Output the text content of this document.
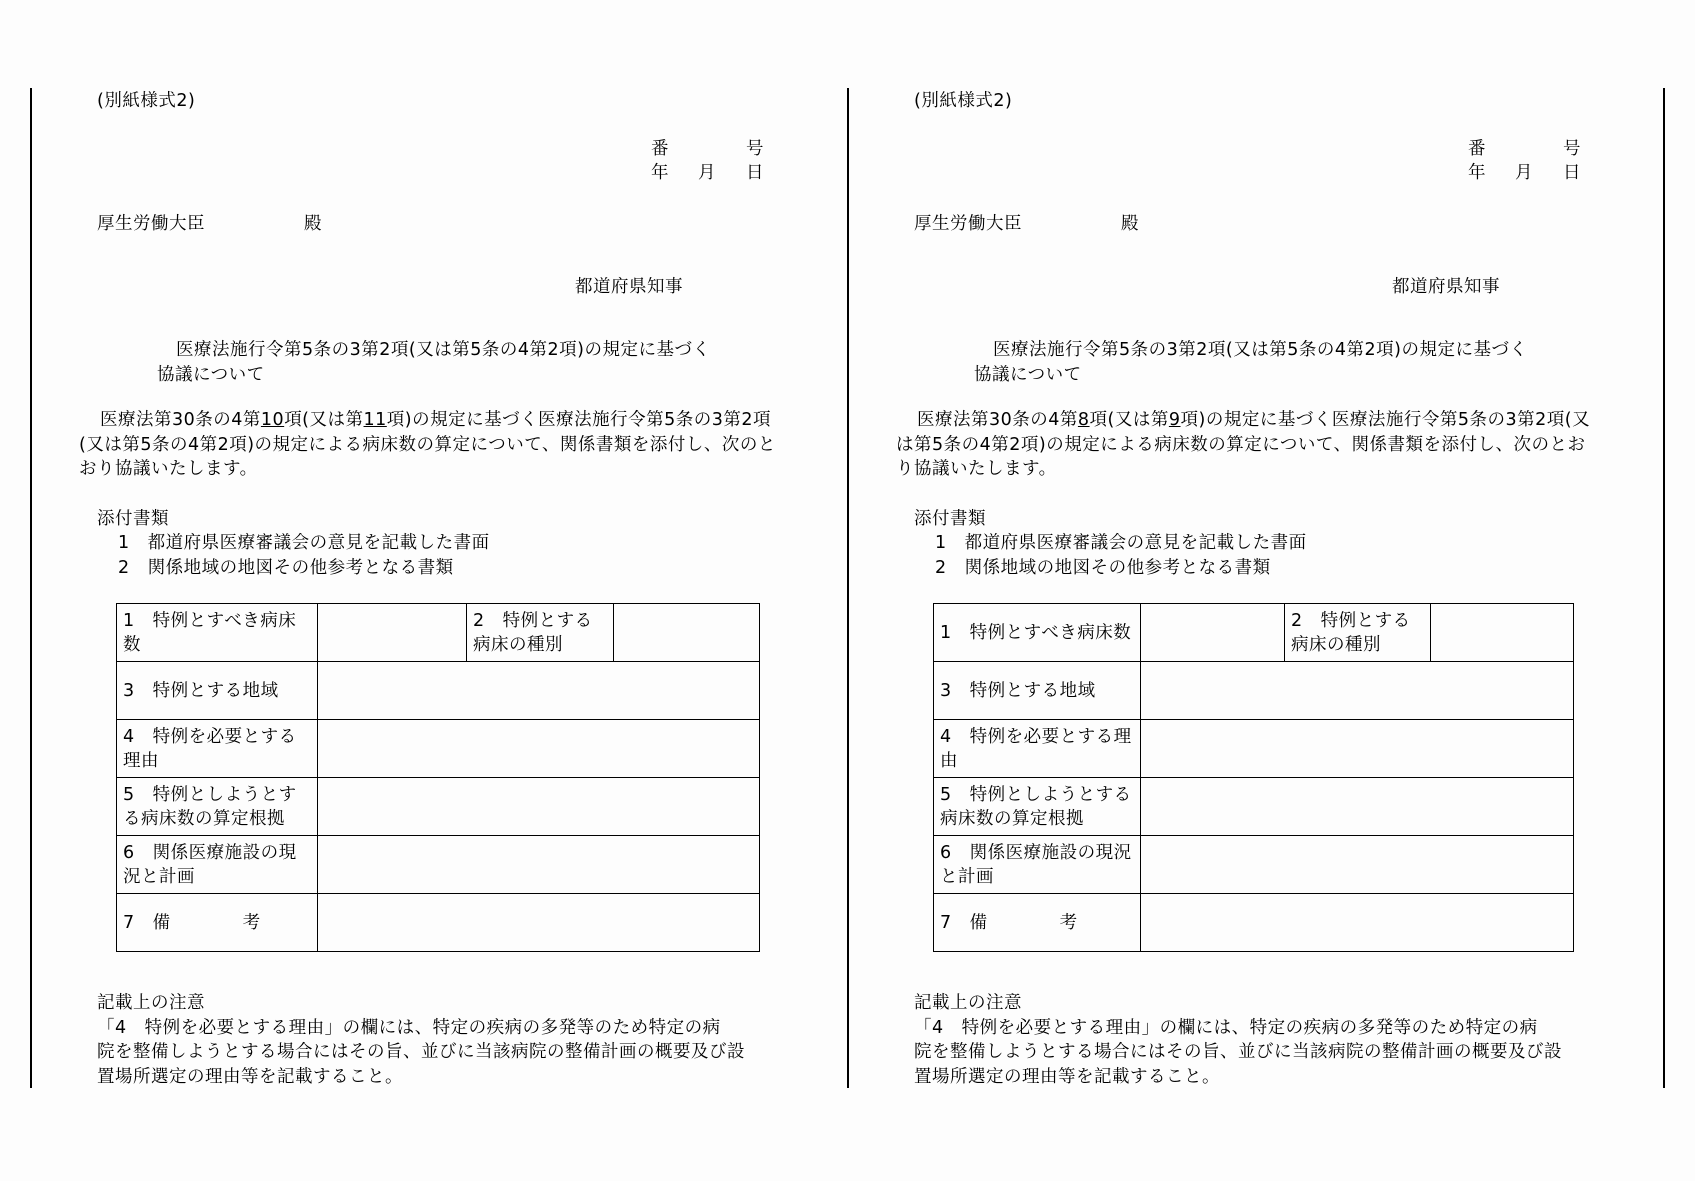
(別紙様式2)
番	号
年 月 日
厚生労働大臣	殿
都道府県知事
医療法施行令第5条の3第2項(又は第5条の4第2項)の規定に基づく
協議について
医療法第30条の4第10項(又は第11項)の規定に基づく医療法施行令第5条の3第2項
(又は第5条の4第2項)の規定による病床数の算定について、関係書類を添付し、次のと
おり協議いたします。
添付書類
1　都道府県医療審議会の意見を記載した書面
2　関係地域の地図その他参考となる書類
1　特例とすべき病床数		2　特例とする病床の種別	
3　特例とする地域			
4　特例を必要とする理由			
5　特例としようとする病床数の算定根拠			
6　関係医療施設の現況と計画			
7　備　　　　考			
記載上の注意
「4　特例を必要とする理由」の欄には、特定の疾病の多発等のため特定の病
院を整備しようとする場合にはその旨、並びに当該病院の整備計画の概要及び設
置場所選定の理由等を記載すること。
(別紙様式2)
番	号
年 月 日
厚生労働大臣	殿
都道府県知事
医療法施行令第5条の3第2項(又は第5条の4第2項)の規定に基づく
協議について
医療法第30条の4第8項(又は第9項)の規定に基づく医療法施行令第5条の3第2項(又
は第5条の4第2項)の規定による病床数の算定について、関係書類を添付し、次のとお
り協議いたします。
添付書類
1　都道府県医療審議会の意見を記載した書面
2　関係地域の地図その他参考となる書類
1　特例とすべき病床数		2　特例とする病床の種別	
3　特例とする地域			
4　特例を必要とする理由			
5　特例としようとする病床数の算定根拠			
6　関係医療施設の現況と計画			
7　備　　　　考			
記載上の注意
「4　特例を必要とする理由」の欄には、特定の疾病の多発等のため特定の病
院を整備しようとする場合にはその旨、並びに当該病院の整備計画の概要及び設
置場所選定の理由等を記載すること。
